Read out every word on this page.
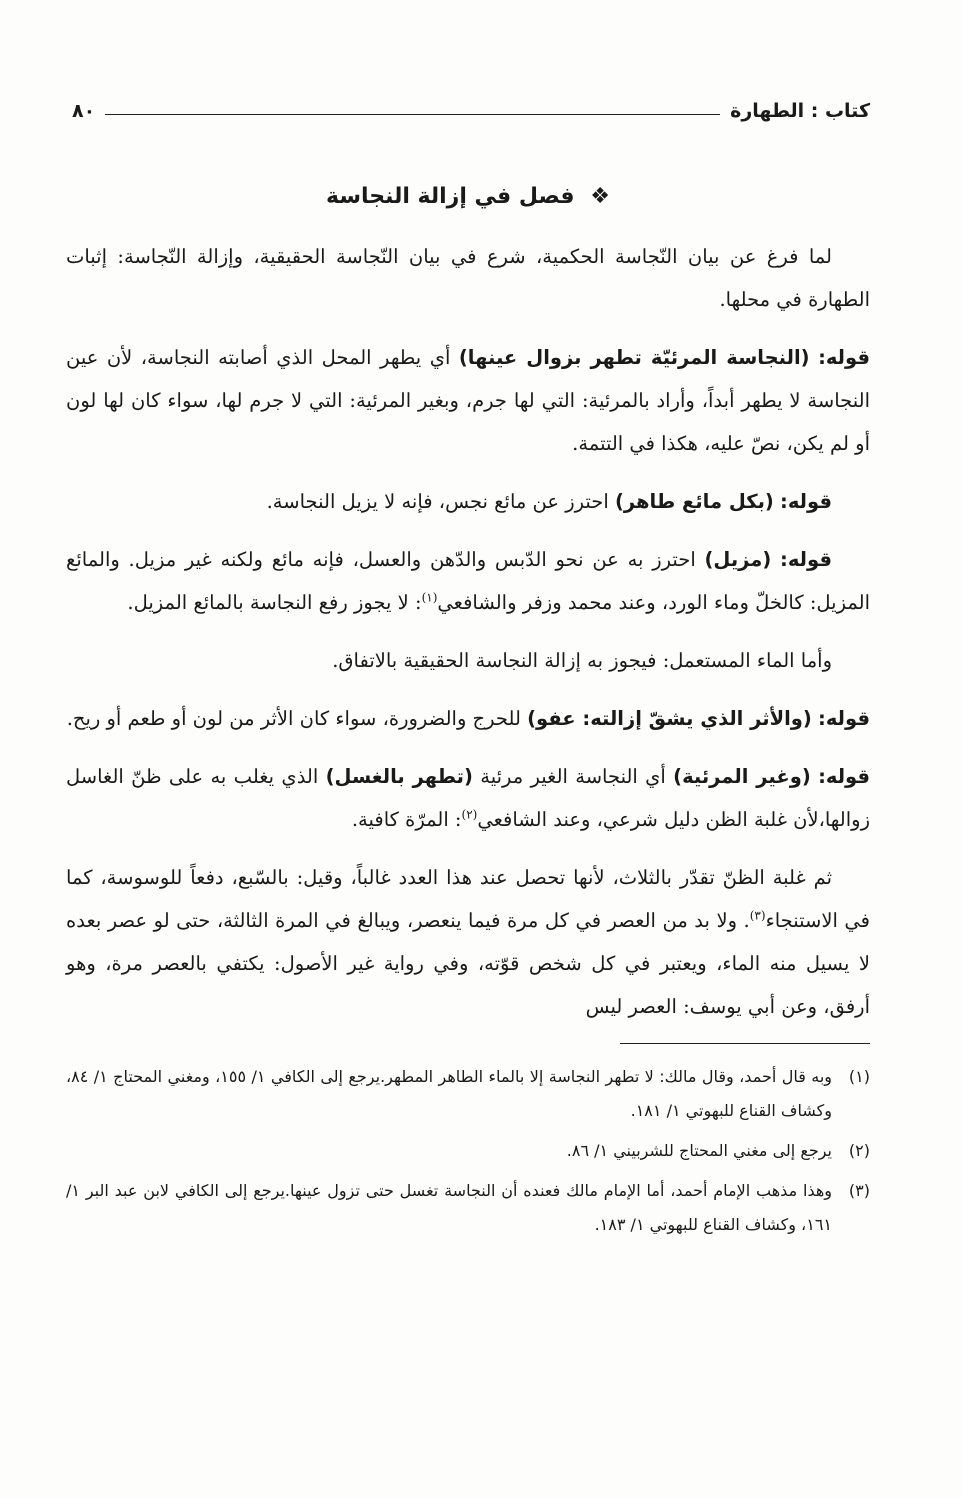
كتاب : الطهارة
٨٠
❖ فصل في إزالة النجاسة

لما فرغ عن بيان النّجاسة الحكمية، شرع في بيان النّجاسة الحقيقية، وإزالة النّجاسة: إثبات الطهارة في محلها.

قوله: (النجاسة المرئيّة تطهر بزوال عينها) أي يطهر المحل الذي أصابته النجاسة، لأن عين النجاسة لا يطهر أبداً، وأراد بالمرئية: التي لها جرم، وبغير المرئية: التي لا جرم لها، سواء كان لها لون أو لم يكن، نصّ عليه، هكذا في التتمة.

قوله: (بكل مائع طاهر) احترز عن مائع نجس، فإنه لا يزيل النجاسة.

قوله: (مزيل) احترز به عن نحو الدّبس والدّهن والعسل، فإنه مائع ولكنه غير مزيل. والمائع المزيل: كالخلّ وماء الورد، وعند محمد وزفر والشافعي$^{(١)}$: لا يجوز رفع النجاسة بالمائع المزيل.

وأما الماء المستعمل: فيجوز به إزالة النجاسة الحقيقية بالاتفاق.

قوله: (والأثر الذي يشقّ إزالته: عفو) للحرج والضرورة، سواء كان الأثر من لون أو طعم أو ريح.

قوله: (وغير المرئية) أي النجاسة الغير مرئية (تطهر بالغسل) الذي يغلب به على ظنّ الغاسل زوالها،لأن غلبة الظن دليل شرعي، وعند الشافعي$^{(٢)}$: المرّة كافية.

ثم غلبة الظنّ تقدّر بالثلاث، لأنها تحصل عند هذا العدد غالباً، وقيل: بالسّبع، دفعاً للوسوسة، كما في الاستنجاء$^{(٣)}$. ولا بد من العصر في كل مرة فيما ينعصر، ويبالغ في المرة الثالثة، حتى لو عصر بعده لا يسيل منه الماء، ويعتبر في كل شخص قوّته، وفي رواية غير الأصول: يكتفي بالعصر مرة، وهو أرفق، وعن أبي يوسف: العصر ليس

(١)
وبه قال أحمد، وقال مالك: لا تطهر النجاسة إلا بالماء الطاهر المطهر.يرجع إلى الكافي ١/ ١٥٥، ومغني المحتاج ١/ ٨٤، وكشاف القناع للبهوتي ١/ ١٨١.
(٢)
يرجع إلى مغني المحتاج للشربيني ١/ ٨٦.
(٣)
وهذا مذهب الإمام أحمد، أما الإمام مالك فعنده أن النجاسة تغسل حتى تزول عينها.يرجع إلى الكافي لابن عبد البر ١/ ١٦١، وكشاف القناع للبهوتي ١/ ١٨٣.
